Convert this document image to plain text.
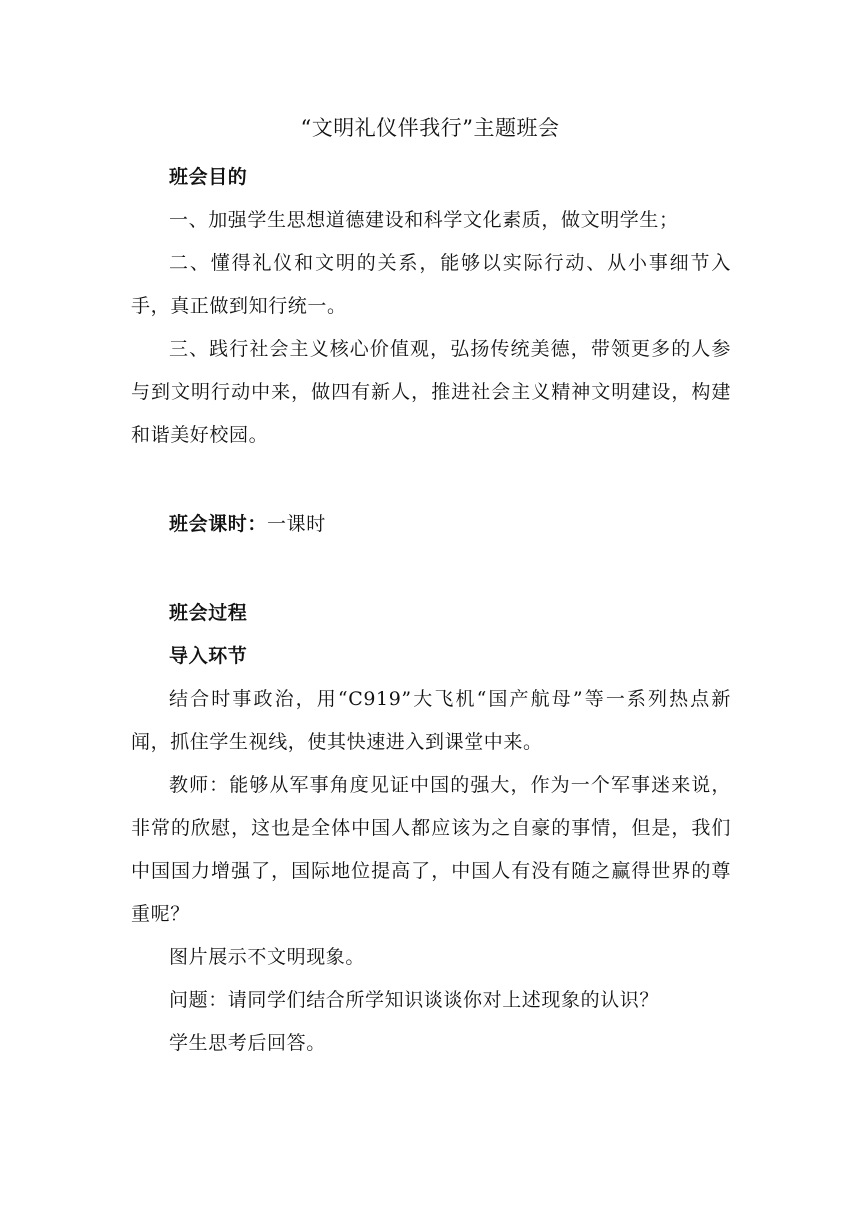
“文明礼仪伴我行”主题班会
班会目的

一、加强学生思想道德建设和科学文化素质，做文明学生；

二、懂得礼仪和文明的关系，能够以实际行动、从小事细节入手，真正做到知行统一。

三、践行社会主义核心价值观，弘扬传统美德，带领更多的人参与到文明行动中来，做四有新人，推进社会主义精神文明建设，构建和谐美好校园。

班会课时：一课时
班会过程
导入环节

结合时事政治，用“C919”大飞机“国产航母”等一系列热点新闻，抓住学生视线，使其快速进入到课堂中来。

教师：能够从军事角度见证中国的强大，作为一个军事迷来说，非常的欣慰，这也是全体中国人都应该为之自豪的事情，但是，我们中国国力增强了，国际地位提高了，中国人有没有随之赢得世界的尊重呢？

图片展示不文明现象。

问题：请同学们结合所学知识谈谈你对上述现象的认识？

学生思考后回答。
